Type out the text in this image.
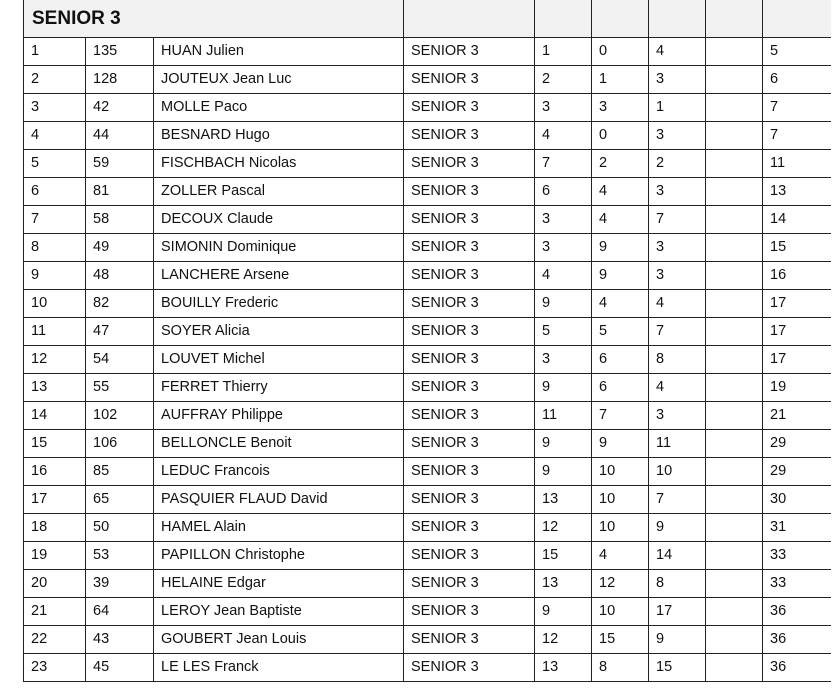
SENIOR 3								
1	135	HUAN Julien	SENIOR 3	1	0	4		5
2	128	JOUTEUX Jean Luc	SENIOR 3	2	1	3		6
3	42	MOLLE Paco	SENIOR 3	3	3	1		7
4	44	BESNARD Hugo	SENIOR 3	4	0	3		7
5	59	FISCHBACH Nicolas	SENIOR 3	7	2	2		11
6	81	ZOLLER Pascal	SENIOR 3	6	4	3		13
7	58	DECOUX Claude	SENIOR 3	3	4	7		14
8	49	SIMONIN Dominique	SENIOR 3	3	9	3		15
9	48	LANCHERE Arsene	SENIOR 3	4	9	3		16
10	82	BOUILLY Frederic	SENIOR 3	9	4	4		17
11	47	SOYER Alicia	SENIOR 3	5	5	7		17
12	54	LOUVET Michel	SENIOR 3	3	6	8		17
13	55	FERRET Thierry	SENIOR 3	9	6	4		19
14	102	AUFFRAY Philippe	SENIOR 3	11	7	3		21
15	106	BELLONCLE Benoit	SENIOR 3	9	9	11		29
16	85	LEDUC Francois	SENIOR 3	9	10	10		29
17	65	PASQUIER FLAUD David	SENIOR 3	13	10	7		30
18	50	HAMEL Alain	SENIOR 3	12	10	9		31
19	53	PAPILLON Christophe	SENIOR 3	15	4	14		33
20	39	HELAINE Edgar	SENIOR 3	13	12	8		33
21	64	LEROY Jean Baptiste	SENIOR 3	9	10	17		36
22	43	GOUBERT Jean Louis	SENIOR 3	12	15	9		36
23	45	LE LES Franck	SENIOR 3	13	8	15		36
